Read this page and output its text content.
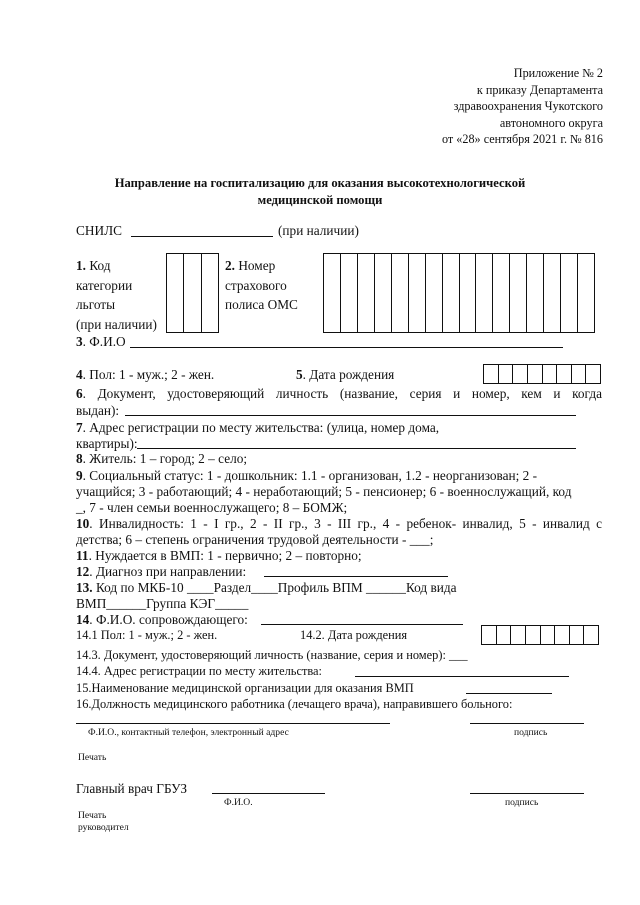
Приложение № 2
к приказу Департамента
здравоохранения Чукотского
автономного округа
от «28» сентября 2021 г. № 816
Направление на госпитализацию для оказания высокотехнологической
медицинской помощи
СНИЛС	(при наличии)
1. Код
категории
льготы
(при наличии)
2. Номер
страхового
полиса ОМС
3. Ф.И.О
4. Пол: 1 - муж.; 2 - жен.	5. Дата рождения
6. Документ, удостоверяющий личность (название, серия и номер, кем и когда
выдан):
7. Адрес регистрации по месту жительства: (улица, номер дома,
квартиры):
8. Житель: 1 – город; 2 – село;
9. Социальный статус: 1 - дошкольник: 1.1 - организован, 1.2 - неорганизован; 2 -
учащийся; 3 - работающий; 4 - неработающий; 5 - пенсионер; 6 - военнослужащий, код
_, 7 - член семьи военнослужащего; 8 – БОМЖ;
10. Инвалидность: 1 - I гр., 2 - II гр., 3 - III гр., 4 - ребенок- инвалид, 5 - инвалид с
детства; 6 – степень ограничения трудовой деятельности - ___;
11. Нуждается в ВМП: 1 - первично; 2 – повторно;
12. Диагноз при направлении:
13. Код по МКБ-10 ____Раздел____Профиль ВПМ ______Код вида
ВМП______Группа КЭГ_____
14. Ф.И.О. сопровождающего:
14.1 Пол: 1 - муж.; 2 - жен.	14.2. Дата рождения
14.3. Документ, удостоверяющий личность (название, серия и номер): ___
14.4. Адрес регистрации по месту жительства:
15.Наименование медицинской организации для оказания ВМП
16.Должность медицинского работника (лечащего врача), направившего больного:
Ф.И.О., контактный телефон, электронный адрес	подпись
Печать
Главный врач ГБУЗ
Ф.И.О.	подпись
Печать
руководител
